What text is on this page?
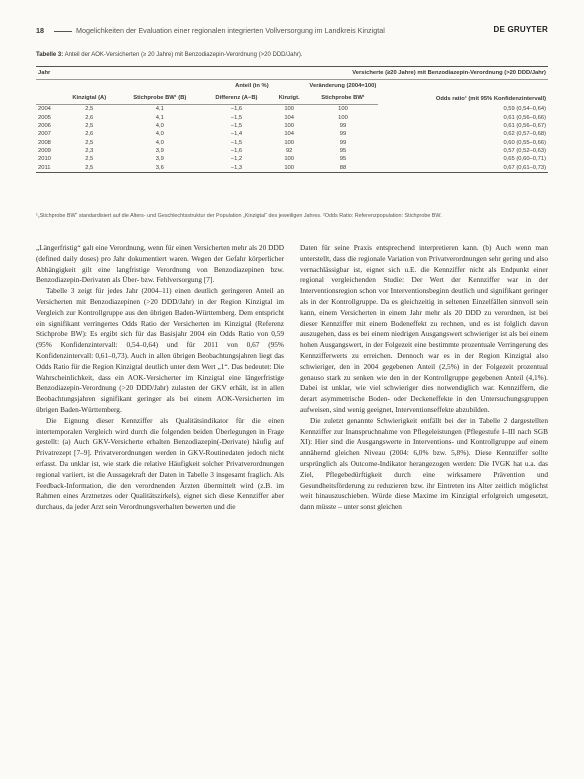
18	Mogelichkeiten der Evaluation einer regionalen integrierten Vollversorgung im Landkreis Kinzigtal	DE GRUYTER
Tabelle 3: Anteil der AOK-Versicherten (≥ 20 Jahre) mit Benzodiazepin-Verordnung (>20 DDD/Jahr).
Jahr	Versicherte (≥20 Jahre) mit Benzodiazepin-Verordnung (>20 DDD/Jahr)					
	Anteil (in %)			Veränderung (2004=100)		Odds ratio¹ (mit 95% Konfidenzintervall)
	Kinzigtal (A)	Stichprobe BW¹ (B)	Differenz (A−B)	Kinzigt.	Stichprobe BW¹	
2004	2,5	4,1	−1,6	100	100	0,59 (0,54–0,64)
2005	2,6	4,1	−1,5	104	100	0,61 (0,56–0,66)
2006	2,5	4,0	−1,5	100	99	0,61 (0,56–0,67)
2007	2,6	4,0	−1,4	104	99	0,62 (0,57–0,68)
2008	2,5	4,0	−1,5	100	99	0,60 (0,55–0,66)
2009	2,3	3,9	−1,6	92	95	0,57 (0,52–0,63)
2010	2,5	3,9	−1,2	100	95	0,65 (0,60–0,71)
2011	2,5	3,6	−1,3	100	88	0,67 (0,61–0,73)
¹„Stichprobe BW“ standardisiert auf die Alters- und Geschlechtsstruktur der Population „Kinzigtal“ des jeweiligen Jahres. ²Odds Ratio: Referenzpopulation: Stichprobe BW.

„Längerfristig“ galt eine Verordnung, wenn für einen Versicherten mehr als 20 DDD (defined daily doses) pro Jahr dokumentiert waren. Wegen der Gefahr körperlicher Abhängigkeit gilt eine langfristige Verordnung von Benzodiazepinen bzw. Benzodiazepin-Derivaten als Über- bzw. Fehlversorgung [7].

Tabelle 3 zeigt für jedes Jahr (2004–11) einen deutlich geringeren Anteil an Versicherten mit Benzodiazepinen (>20 DDD/Jahr) in der Region Kinzigtal im Vergleich zur Kontrollgruppe aus den übrigen Baden-Württemberg. Dem entspricht ein signifikant verringertes Odds Ratio der Versicherten im Kinzigtal (Referenz Stichprobe BW): Es ergibt sich für das Basisjahr 2004 ein Odds Ratio von 0,59 (95% Konfidenzintervall: 0,54–0,64) und für 2011 von 0,67 (95% Konfidenzintervall: 0,61–0,73). Auch in allen übrigen Beobachtungsjahren liegt das Odds Ratio für die Region Kinzigtal deutlich unter dem Wert „1“. Das bedeutet: Die Wahrscheinlichkeit, dass ein AOK-Versicherter im Kinzigtal eine längerfristige Benzodiazepin-Verordnung (>20 DDD/Jahr) zulasten der GKV erhält, ist in allen Beobachtungsjahren signifikant geringer als bei einem AOK-Versicherten im übrigen Baden-Württemberg.

Die Eignung dieser Kennziffer als Qualitätsindikator für die einen intertemporalen Vergleich wird durch die folgenden beiden Überlegungen in Frage gestellt: (a) Auch GKV-Versicherte erhalten Benzodiazepin(-Derivate) häufig auf Privatrezept [7–9]. Privatverordnungen werden in GKV-Routinedaten jedoch nicht erfasst. Da unklar ist, wie stark die relative Häufigkeit solcher Privatverordnungen regional variiert, ist die Aussagekraft der Daten in Tabelle 3 insgesamt fraglich. Als Feedback-Information, die den verordnenden Ärzten übermittelt wird (z.B. im Rahmen eines Arztnetzes oder Qualitätszirkels), eignet sich diese Kennziffer aber durchaus, da jeder Arzt sein Verordnungsverhalten bewerten und die

Daten für seine Praxis entsprechend interpretieren kann. (b) Auch wenn man unterstellt, dass die regionale Variation von Privatverordnungen sehr gering und also vernachlässigbar ist, eignet sich u.E. die Kennziffer nicht als Endpunkt einer regional vergleichenden Studie: Der Wert der Kennziffer war in der Interventionsregion schon vor Interventionsbeginn deutlich und signifikant geringer als in der Kontrollgruppe. Da es gleichzeitig in seltenen Einzelfällen sinnvoll sein kann, einem Versicherten in einem Jahr mehr als 20 DDD zu verordnen, ist bei dieser Kennziffer mit einem Bodeneffekt zu rechnen, und es ist folglich davon auszugehen, dass es bei einem niedrigen Ausgangswert schwieriger ist als bei einem hohen Ausgangswert, in der Folgezeit eine bestimmte prozentuale Verringerung des Kennzifferwerts zu erreichen. Dennoch war es in der Region Kinzigtal also schwieriger, den in 2004 gegebenen Anteil (2,5%) in der Folgezeit prozentual genauso stark zu senken wie den in der Kontrollgruppe gegebenen Anteil (4,1%). Dabei ist unklar, wie viel schwieriger dies notwendiglich war. Kennziffern, die derart asymmetrische Boden- oder Deckeneffekte in den Untersuchungsgruppen aufweisen, sind wenig geeignet, Interventionseffekte abzubilden.

Die zuletzt genannte Schwierigkeit entfällt bei der in Tabelle 2 dargestellten Kennziffer zur Inanspruchnahme von Pflegeleistungen (Pflegestufe I–III nach SGB XI): Hier sind die Ausgangswerte in Interventions- und Kontrollgruppe auf einem annähernd gleichen Niveau (2004: 6,0% bzw. 5,8%). Diese Kennziffer sollte ursprünglich als Outcome-Indikator herangezogen werden: Die IVGK hat u.a. das Ziel, Pflegebedürftigkeit durch eine wirksamere Prävention und Gesundheitsförderung zu reduzieren bzw. ihr Eintreten ins Alter zeitlich möglichst weit hinauszuschieben. Würde diese Maxime im Kinzigtal erfolgreich umgesetzt, dann müsste – unter sonst gleichen
